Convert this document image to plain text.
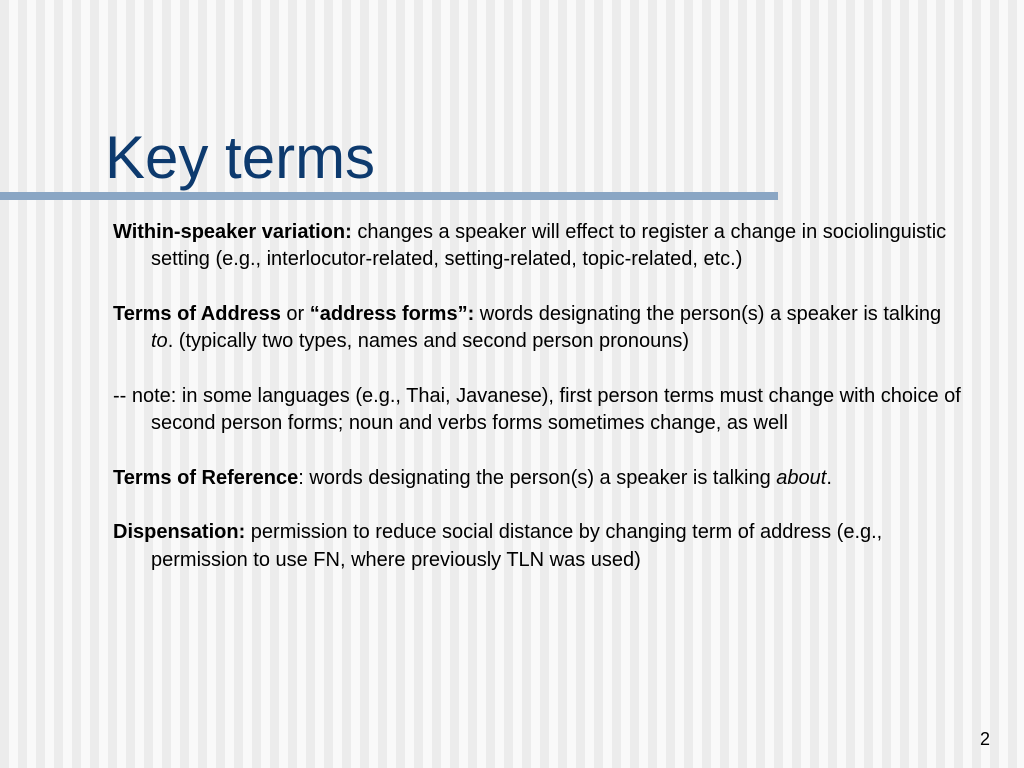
Key terms

Within-speaker variation: changes a speaker will effect to register a change in sociolinguistic setting (e.g., interlocutor-related, setting-related, topic-related, etc.)

Terms of Address or “address forms”: words designating the person(s) a speaker is talking to. (typically two types, names and second person pronouns)

-- note: in some languages (e.g., Thai, Javanese), first person terms must change with choice of second person forms; noun and verbs forms sometimes change, as well

Terms of Reference: words designating the person(s) a speaker is talking about.

Dispensation: permission to reduce social distance by changing term of address (e.g., permission to use FN, where previously TLN was used)

2
